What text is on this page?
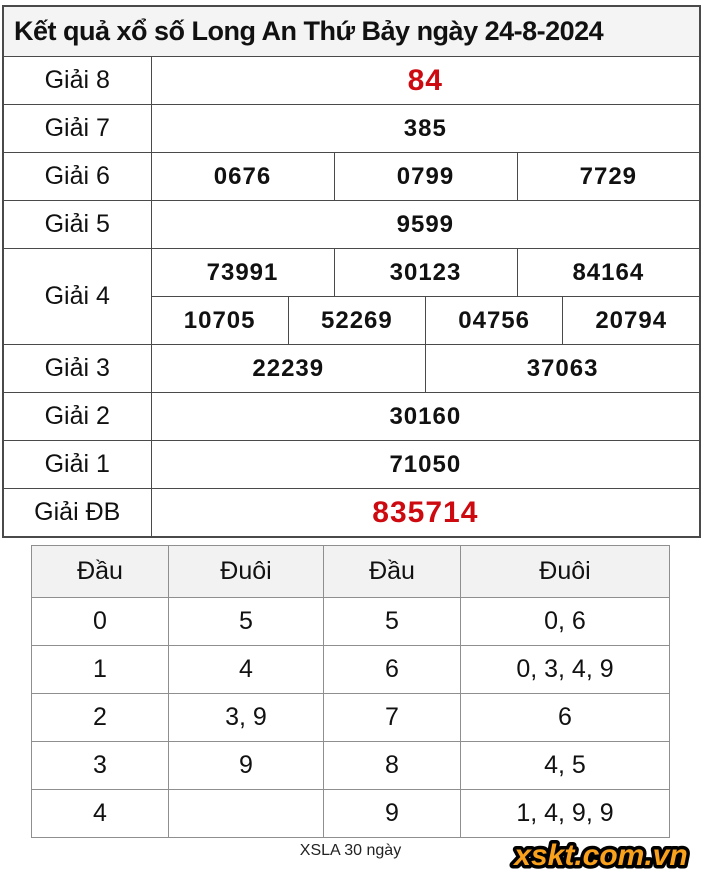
Kết quả xổ số Long An Thứ Bảy ngày 24-8-2024						
Giải 8	84					
Giải 7	385					
Giải 6	0676		0799		7729	
Giải 5	9599					
Giải 4	73991		30123		84164	
	10705	52269		04756		20794
Giải 3	22239			37063		
Giải 2	30160					
Giải 1	71050					
Giải ĐB	835714					
Đầu	Đuôi	Đầu	Đuôi
0	5	5	0, 6
1	4	6	0, 3, 4, 9
2	3, 9	7	6
3	9	8	4, 5
4		9	1, 4, 9, 9
XSLA 30 ngày	xskt.com.vn
